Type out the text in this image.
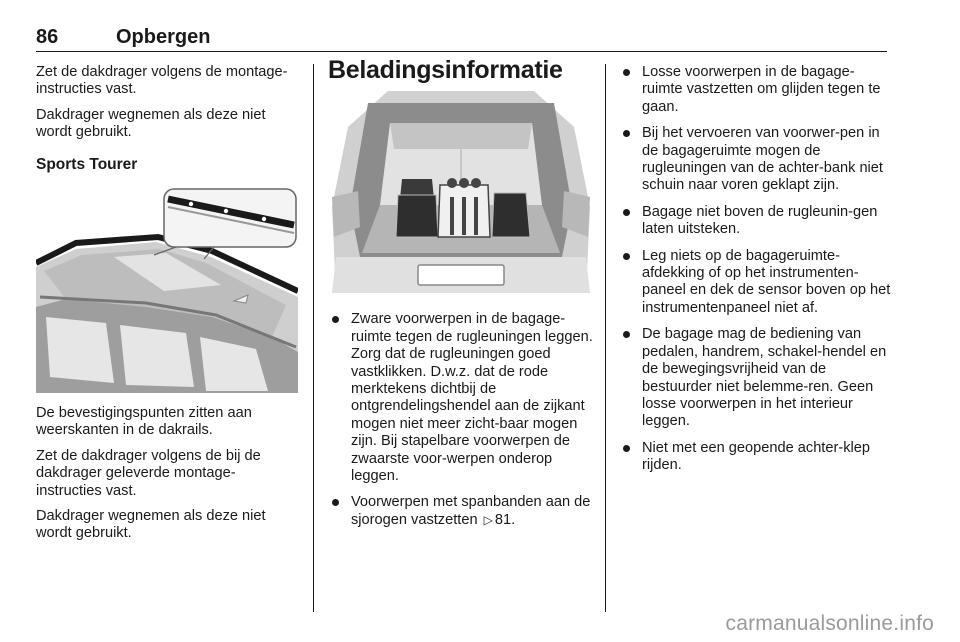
86	Opbergen

Zet de dakdrager volgens de montage-instructies vast.

Dakdrager wegnemen als deze niet wordt gebruikt.

Sports Tourer

De bevestigingspunten zitten aan weerskanten in de dakrails.

Zet de dakdrager volgens de bij de dakdrager geleverde montage-instructies vast.

Dakdrager wegnemen als deze niet wordt gebruikt.

Beladingsinformatie
Zware voorwerpen in de bagage-ruimte tegen de rugleuningen leggen. Zorg dat de rugleuningen goed vastklikken. D.w.z. dat de rode merktekens dichtbij de ontgrendelingshendel aan de zijkant mogen niet meer zicht-baar mogen zijn. Bij stapelbare voorwerpen de zwaarste voor-werpen onderop leggen.
Voorwerpen met spanbanden aan de sjorogen vastzetten ▷ 81.
Losse voorwerpen in de bagage-ruimte vastzetten om glijden tegen te gaan.
Bij het vervoeren van voorwer-pen in de bagageruimte mogen de rugleuningen van de achter-bank niet schuin naar voren geklapt zijn.
Bagage niet boven de rugleunin-gen laten uitsteken.
Leg niets op de bagageruimte-afdekking of op het instrumenten-paneel en dek de sensor boven op het instrumentenpaneel niet af.
De bagage mag de bediening van pedalen, handrem, schakel-hendel en de bewegingsvrijheid van de bestuurder niet belemme-ren. Geen losse voorwerpen in het interieur leggen.
Niet met een geopende achter-klep rijden.
carmanualsonline.info
